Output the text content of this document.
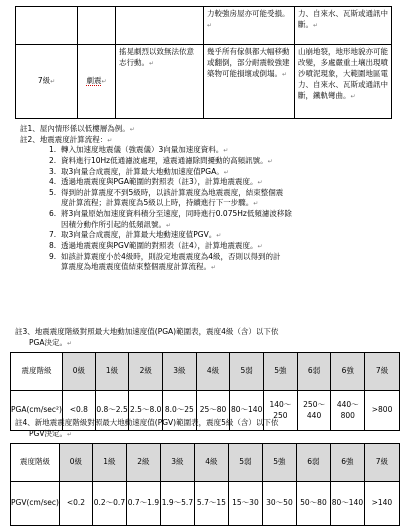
			力較強房屋亦可能受損。↵	力、自來水、瓦斯或通訊中斷。↵
7級↵	劇震↵	搖晃劇烈以致無法依意志行動。↵	幾乎所有傢俱都大幅移動或翻倒，部分耐震較強建築物可能損壞或倒塌。↵	山崩地裂，地形地貌亦可能改變，多處嚴重土壤出現噴沙噴泥現象，大範圍地區電力、自來水、瓦斯或通訊中斷，鐵軌彎曲。↵
註1、屋內情形係以低樓層為例。↵
註2、地震震度計算流程：↵
1. 轉入加速度地震儀（強震儀）3向量加速度資料。↵
2. 資料進行10Hz低通濾波處理，遠震通濾除問擾動的高頻訊號。↵
3. 取3向量合成震度，計算最大地動加速度值PGA。↵
4. 透過地震震度與PGA範圍的對照表（註3），計算地震震度。↵
5. 得到的計算震度不到5級時，以該計算震度為地震震度，結束整個震
度計算流程；計算震度為5級以上時，持續進行下一步驟。↵
6. 將3向量原始加速度資料積分至速度，同時進行0.075Hz低頻濾波移除
因積分動作所引起的低頻訊號。↵
7. 取3向量合成震度，計算最大地動速度值PGV。↵
8. 透過地震震度與PGV範圍的對照表（註4），計算地震震度。↵
9. 如該計算震度小於4級時，則設定地震震度為4級，否則以得到的計
算震度為地震震度值結束整個震度計算流程。↵
註3、地震震度階級對照最大地動加速度值(PGA)範圍表，震度4級（含）以下依
PGA決定。↵
震度階級	0級	1級	2級	3級	4級	5弱	5強	6弱	6強	7級
PGA(cm/sec²)	<0.8	0.8～2.5	2.5～8.0	8.0～25	25～80	80～140	140～250	250～440	440～800	>800
註4、新地震震度階級對照最大地動速度值(PGV)範圍表，震度5級（含）以下依
PGV決定。↵
震度階級	0級	1級	2級	3級	4級	5弱	5強	6弱	6強	7級
PGV(cm/sec)	<0.2	0.2～0.7	0.7～1.9	1.9～5.7	5.7～15	15～30	30～50	50～80	80～140	>140
